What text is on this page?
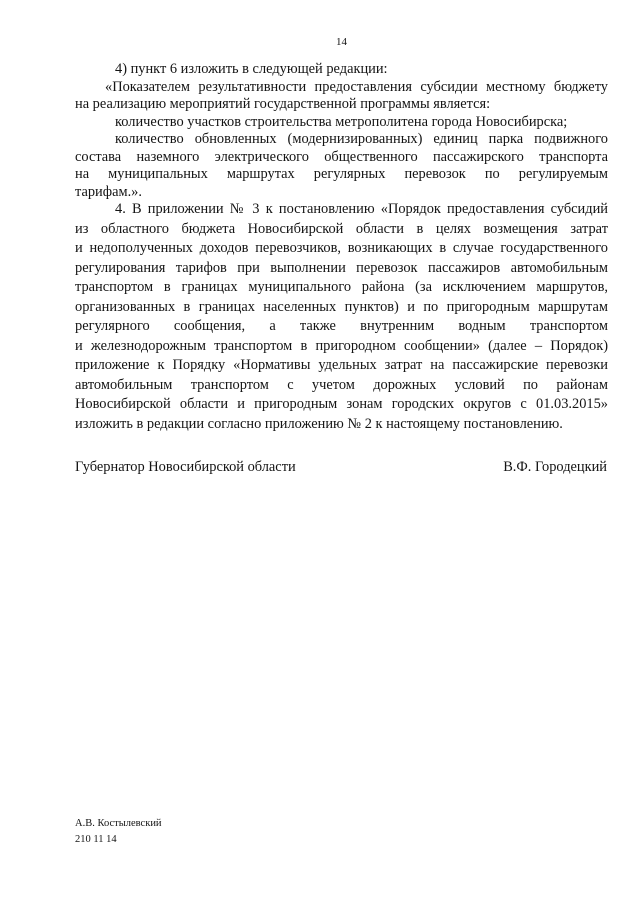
14
4) пункт 6 изложить в следующей редакции:
«Показателем результативности предоставления субсидии местному бюджету
на реализацию мероприятий государственной программы является:
количество участков строительства метрополитена города Новосибирска;
количество обновленных (модернизированных) единиц парка подвижного
состава наземного электрического общественного пассажирского транспорта
на муниципальных маршрутах регулярных перевозок по регулируемым
тарифам.».
4. В приложении № 3 к постановлению «Порядок предоставления субсидий
из областного бюджета Новосибирской области в целях возмещения затрат
и недополученных доходов перевозчиков, возникающих в случае государственного
регулирования тарифов при выполнении перевозок пассажиров автомобильным
транспортом в границах муниципального района (за исключением маршрутов,
организованных в границах населенных пунктов) и по пригородным маршрутам
регулярного сообщения, а также внутренним водным транспортом
и железнодорожным транспортом в пригородном сообщении» (далее – Порядок)
приложение к Порядку «Нормативы удельных затрат на пассажирские перевозки
автомобильным транспортом с учетом дорожных условий по районам
Новосибирской области и пригородным зонам городских округов с 01.03.2015»
изложить в редакции согласно приложению № 2 к настоящему постановлению.
Губернатор Новосибирской области	В.Ф. Городецкий
А.В. Костылевский
210 11 14
